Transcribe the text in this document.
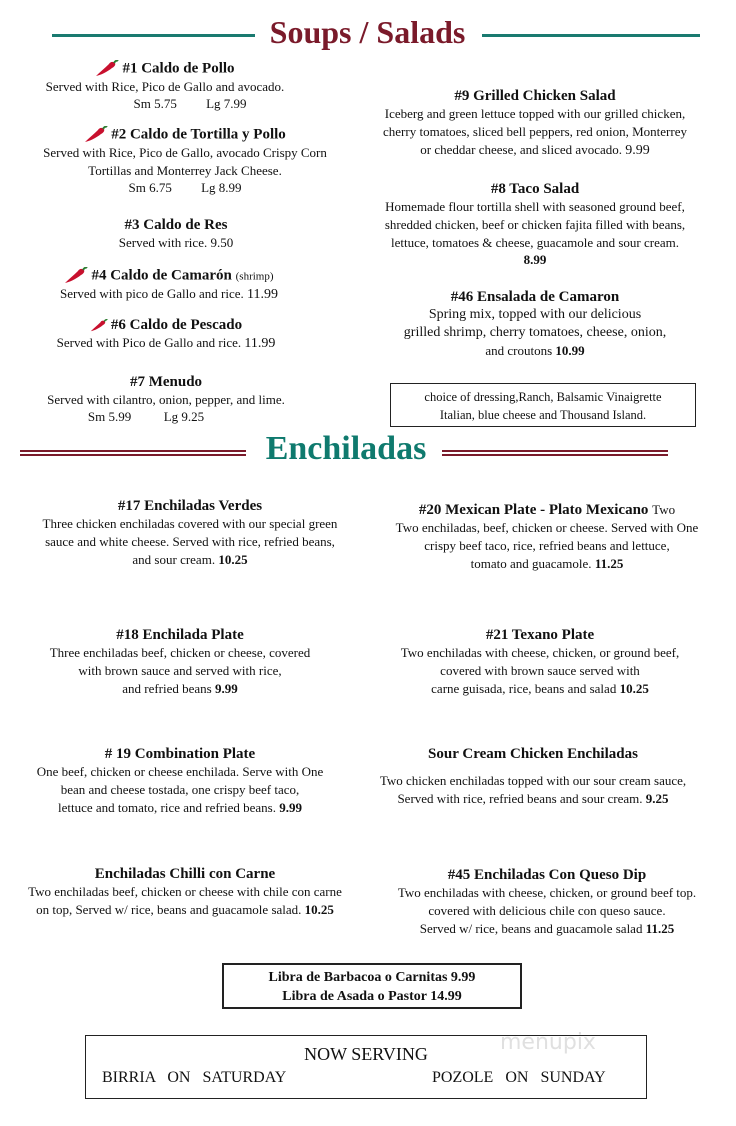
Soups / Salads
#1 Caldo de Pollo
Served with Rice, Pico de Gallo and avocado.
Sm 5.75 Lg 7.99
#2 Caldo de Tortilla y Pollo
Served with Rice, Pico de Gallo, avocado Crispy Corn
Tortillas and Monterrey Jack Cheese.
Sm 6.75 Lg 8.99
#3 Caldo de Res
Served with rice. 9.50
#4 Caldo de Camarón (shrimp)
Served with pico de Gallo and rice. 11.99
#6 Caldo de Pescado
Served with Pico de Gallo and rice. 11.99
#7 Menudo
Served with cilantro, onion, pepper, and lime.
Sm 5.99	Lg 9.25
#9 Grilled Chicken Salad
Iceberg and green lettuce topped with our grilled chicken,
cherry tomatoes, sliced bell peppers, red onion, Monterrey
or cheddar cheese, and sliced avocado. 9.99
#8 Taco Salad
Homemade flour tortilla shell with seasoned ground beef,
shredded chicken, beef or chicken fajita filled with beans,
lettuce, tomatoes & cheese, guacamole and sour cream.
8.99
#46 Ensalada de Camaron
Spring mix, topped with our delicious
grilled shrimp, cherry tomatoes, cheese, onion,
and croutons 10.99
choice of dressing,Ranch, Balsamic Vinaigrette
Italian, blue cheese and Thousand Island.
Enchiladas
#17 Enchiladas Verdes
Three chicken enchiladas covered with our special green
sauce and white cheese. Served with rice, refried beans,
and sour cream. 10.25
#20 Mexican Plate - Plato Mexicano Two
Two enchiladas, beef, chicken or cheese. Served with One
crispy beef taco, rice, refried beans and lettuce,
tomato and guacamole. 11.25
#18 Enchilada Plate
Three enchiladas beef, chicken or cheese, covered
with brown sauce and served with rice,
and refried beans 9.99
#21 Texano Plate
Two enchiladas with cheese, chicken, or ground beef,
covered with brown sauce served with
carne guisada, rice, beans and salad 10.25
# 19 Combination Plate
One beef, chicken or cheese enchilada. Serve with One
bean and cheese tostada, one crispy beef taco,
lettuce and tomato, rice and refried beans. 9.99
Sour Cream Chicken Enchiladas
Two chicken enchiladas topped with our sour cream sauce,
Served with rice, refried beans and sour cream. 9.25
Enchiladas Chilli con Carne
Two enchiladas beef, chicken or cheese with chile con carne
on top, Served w/ rice, beans and guacamole salad. 10.25
#45 Enchiladas Con Queso Dip
Two enchiladas with cheese, chicken, or ground beef top.
covered with delicious chile con queso sauce.
Served w/ rice, beans and guacamole salad 11.25
Libra de Barbacoa o Carnitas 9.99
Libra de Asada o Pastor 14.99
menupix
NOW SERVING
BIRRIA   ON   SATURDAY	POZOLE   ON   SUNDAY
